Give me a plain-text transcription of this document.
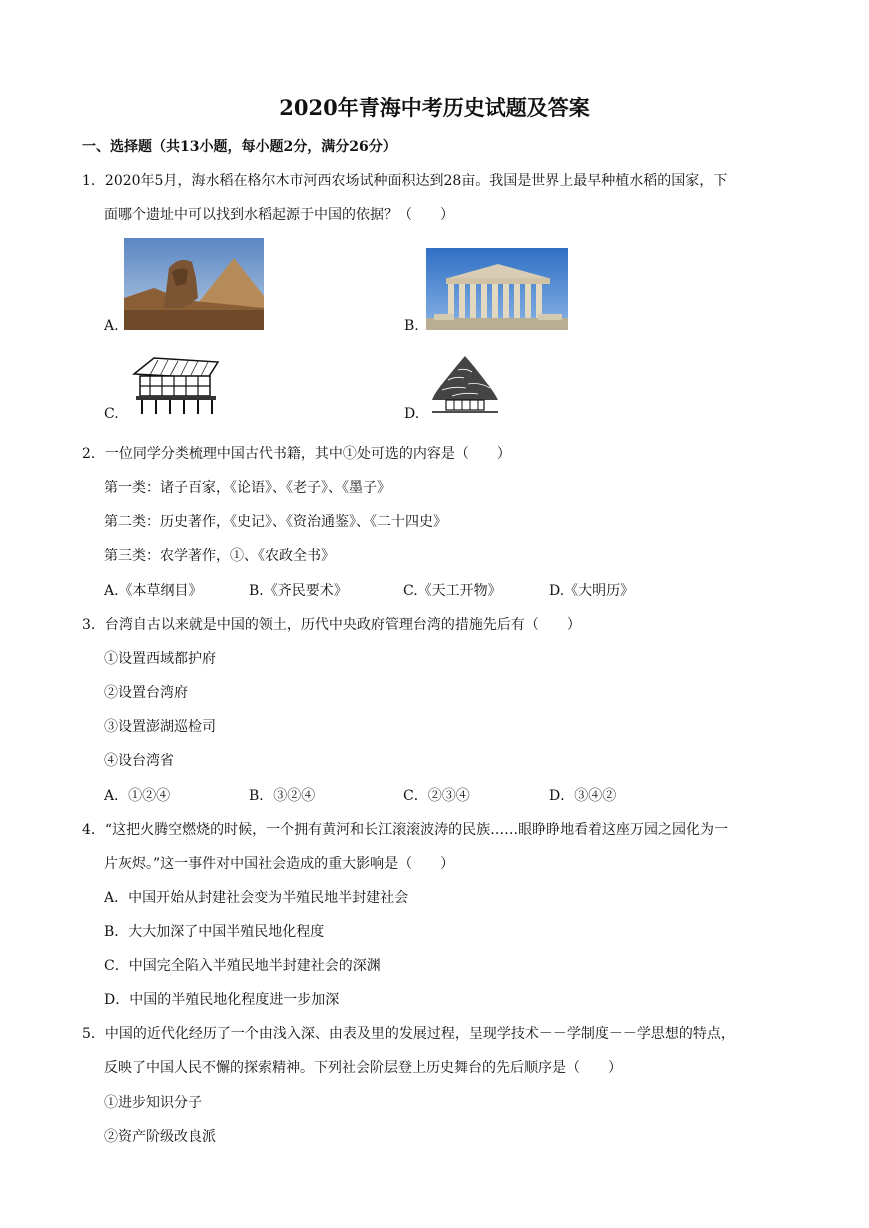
2020年青海中考历史试题及答案
一、选择题（共13小题，每小题2分，满分26分）
1．2020年5月，海水稻在格尔木市河西农场试种面积达到28亩。我国是世界上最早种植水稻的国家，下
面哪个遗址中可以找到水稻起源于中国的依据？（　　）
A.	B.
C.	D.
2．一位同学分类梳理中国古代书籍，其中①处可选的内容是（　　）
第一类：诸子百家，《论语》、《老子》、《墨子》
第二类：历史著作，《史记》、《资治通鉴》、《二十四史》
第三类：农学著作，①、《农政全书》
A.《本草纲目》	B.《齐民要术》	C.《天工开物》	D.《大明历》
3．台湾自古以来就是中国的领土，历代中央政府管理台湾的措施先后有（　　）
①设置西域都护府
②设置台湾府
③设置澎湖巡检司
④设台湾省
A．①②④	B．③②④	C．②③④	D．③④②
4．“这把火腾空燃烧的时候，一个拥有黄河和长江滚滚波涛的民族……眼睁睁地看着这座万园之园化为一
片灰烬。”这一事件对中国社会造成的重大影响是（　　）
A．中国开始从封建社会变为半殖民地半封建社会
B．大大加深了中国半殖民地化程度
C．中国完全陷入半殖民地半封建社会的深渊
D．中国的半殖民地化程度进一步加深
5．中国的近代化经历了一个由浅入深、由表及里的发展过程，呈现学技术－－学制度－－学思想的特点，
反映了中国人民不懈的探索精神。下列社会阶层登上历史舞台的先后顺序是（　　）
①进步知识分子
②资产阶级改良派
